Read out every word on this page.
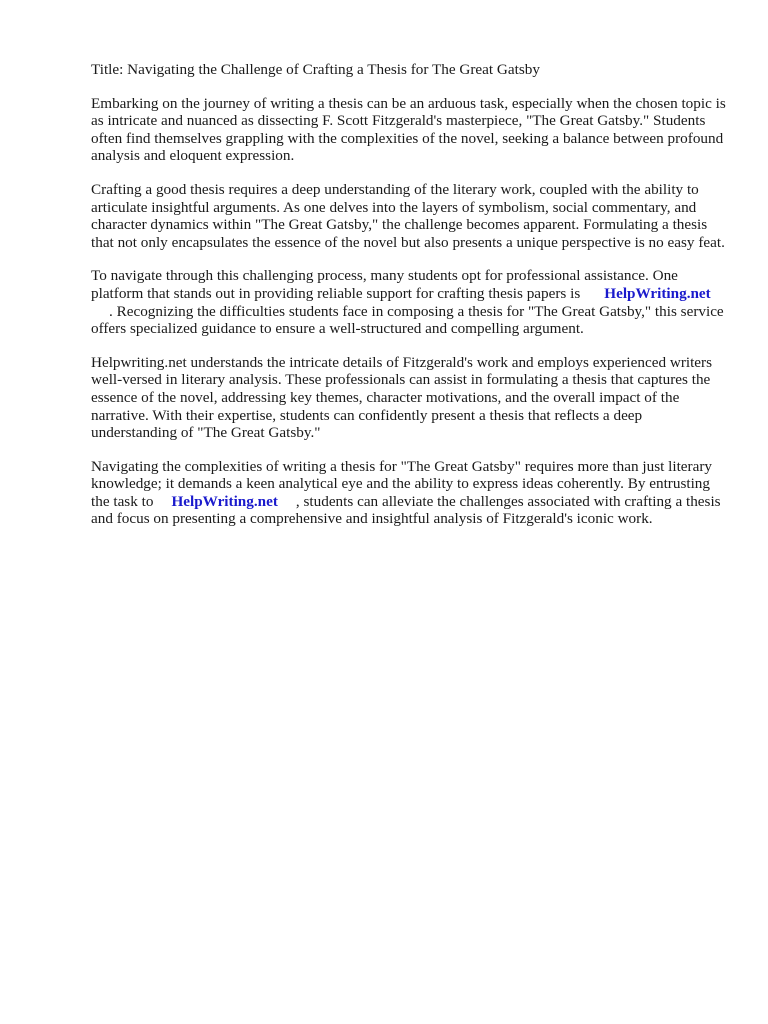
Title: Navigating the Challenge of Crafting a Thesis for The Great Gatsby

Embarking on the journey of writing a thesis can be an arduous task, especially when the chosen topic is as intricate and nuanced as dissecting F. Scott Fitzgerald's masterpiece, "The Great Gatsby." Students often find themselves grappling with the complexities of the novel, seeking a balance between profound analysis and eloquent expression.

Crafting a good thesis requires a deep understanding of the literary work, coupled with the ability to articulate insightful arguments. As one delves into the layers of symbolism, social commentary, and character dynamics within "The Great Gatsby," the challenge becomes apparent. Formulating a thesis that not only encapsulates the essence of the novel but also presents a unique perspective is no easy feat.

To navigate through this challenging process, many students opt for professional assistance. One platform that stands out in providing reliable support for crafting thesis papers is HelpWriting.net
. Recognizing the difficulties students face in composing a thesis for "The Great Gatsby," this service offers specialized guidance to ensure a well-structured and compelling argument.

Helpwriting.net understands the intricate details of Fitzgerald's work and employs experienced writers well-versed in literary analysis. These professionals can assist in formulating a thesis that captures the essence of the novel, addressing key themes, character motivations, and the overall impact of the narrative. With their expertise, students can confidently present a thesis that reflects a deep understanding of "The Great Gatsby."

Navigating the complexities of writing a thesis for "The Great Gatsby" requires more than just literary knowledge; it demands a keen analytical eye and the ability to express ideas coherently. By entrusting the task to HelpWriting.net , students can alleviate the challenges associated with crafting a thesis and focus on presenting a comprehensive and insightful analysis of Fitzgerald's iconic work.
